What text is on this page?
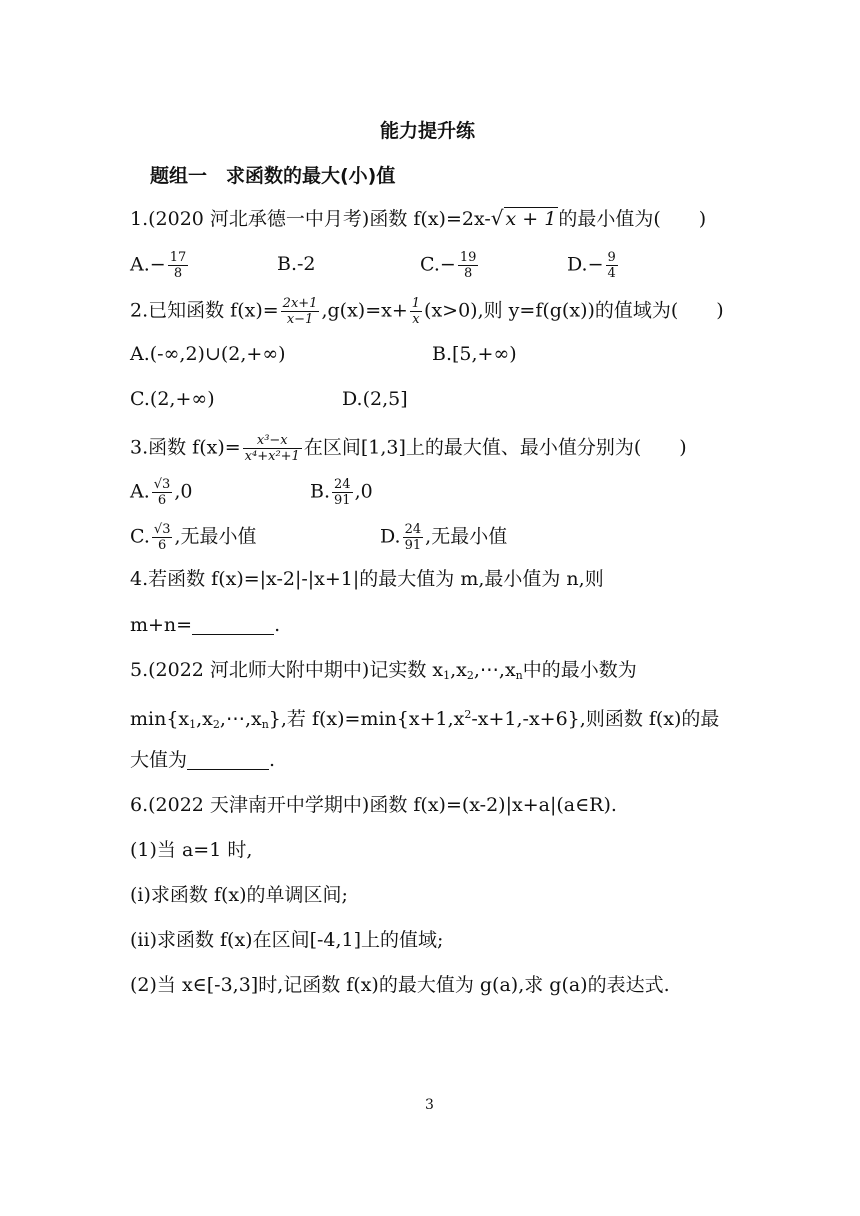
能力提升练
题组一　求函数的最大(小)值
1.(2020 河北承德一中月考)函数 f(x)=2x-√ x + 1 的最小值为(　　)
$A.- \frac{17}{8}$	B.-2	$C.- \frac{19}{8}$	$D.- \frac{9}{4}$
2.已知函数 $f(x)= \frac{2x+1}{x-1} ,g(x)=x+ \frac{1}{x} (x>0)$,则 y=f(g(x))的值域为(　　)
A.(-∞,2)∪(2,+∞)	B.[5,+∞)
C.(2,+∞)	D.(2,5]
3.函数 $f(x)= \frac{\text{x³−x}}{\text{x⁴+x²+1}}$ 在区间[1,3]上的最大值、最小值分别为(　　)
A. $\frac{√3}{6} ,0$	B. $\frac{24}{91} ,0$
C. $\frac{√3}{6}$ ,无最小值	D. $\frac{24}{91}$ ,无最小值
4.若函数 f(x)=|x-2|-|x+1|的最大值为 m,最小值为 n,则
m+n=	.
5.(2022 河北师大附中期中)记实数 $x_1,x_2,\cdots,x_n$中的最小数为
$\min\{x_1,x_2,\cdots,x_n\}$,若 $f(x)=\min\{x+1,x^2-x+1,-x+6\}$,则函数 f(x)的最
大值为	.
6.(2022 天津南开中学期中)函数 f(x)=(x-2)|x+a|(a∈R).
(1)当 a=1 时,
(i)求函数 f(x)的单调区间;
(ii)求函数 f(x)在区间[-4,1]上的值域;
(2)当 x∈[-3,3]时,记函数 f(x)的最大值为 g(a),求 g(a)的表达式.
3
